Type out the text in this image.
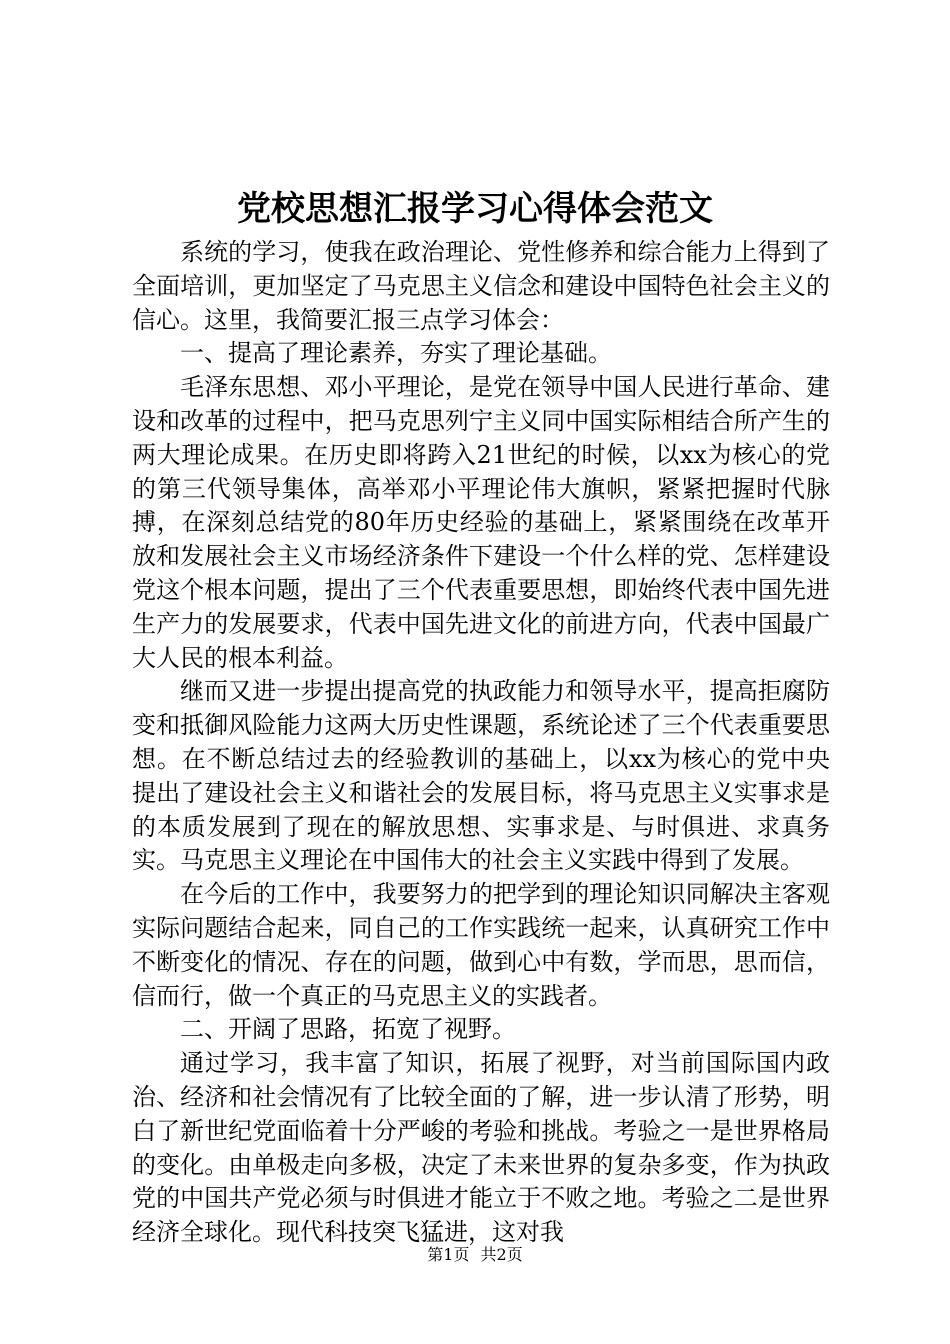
党校思想汇报学习心得体会范文

系统的学习，使我在政治理论、党性修养和综合能力上得到了全面培训，更加坚定了马克思主义信念和建设中国特色社会主义的信心。这里，我简要汇报三点学习体会：

一、提高了理论素养，夯实了理论基础。

毛泽东思想、邓小平理论，是党在领导中国人民进行革命、建设和改革的过程中，把马克思列宁主义同中国实际相结合所产生的两大理论成果。在历史即将跨入21世纪的时候，以xx为核心的党的第三代领导集体，高举邓小平理论伟大旗帜，紧紧把握时代脉搏，在深刻总结党的80年历史经验的基础上，紧紧围绕在改革开放和发展社会主义市场经济条件下建设一个什么样的党、怎样建设党这个根本问题，提出了三个代表重要思想，即始终代表中国先进生产力的发展要求，代表中国先进文化的前进方向，代表中国最广大人民的根本利益。

继而又进一步提出提高党的执政能力和领导水平，提高拒腐防变和抵御风险能力这两大历史性课题，系统论述了三个代表重要思想。在不断总结过去的经验教训的基础上，以xx为核心的党中央提出了建设社会主义和谐社会的发展目标，将马克思主义实事求是的本质发展到了现在的解放思想、实事求是、与时俱进、求真务实。马克思主义理论在中国伟大的社会主义实践中得到了发展。

在今后的工作中，我要努力的把学到的理论知识同解决主客观实际问题结合起来，同自己的工作实践统一起来，认真研究工作中不断变化的情况、存在的问题，做到心中有数，学而思，思而信，信而行，做一个真正的马克思主义的实践者。

二、开阔了思路，拓宽了视野。

通过学习，我丰富了知识，拓展了视野，对当前国际国内政治、经济和社会情况有了比较全面的了解，进一步认清了形势，明白了新世纪党面临着十分严峻的考验和挑战。考验之一是世界格局的变化。由单极走向多极，决定了未来世界的复杂多变，作为执政党的中国共产党必须与时俱进才能立于不败之地。考验之二是世界经济全球化。现代科技突飞猛进，这对我

第1页 共2页
